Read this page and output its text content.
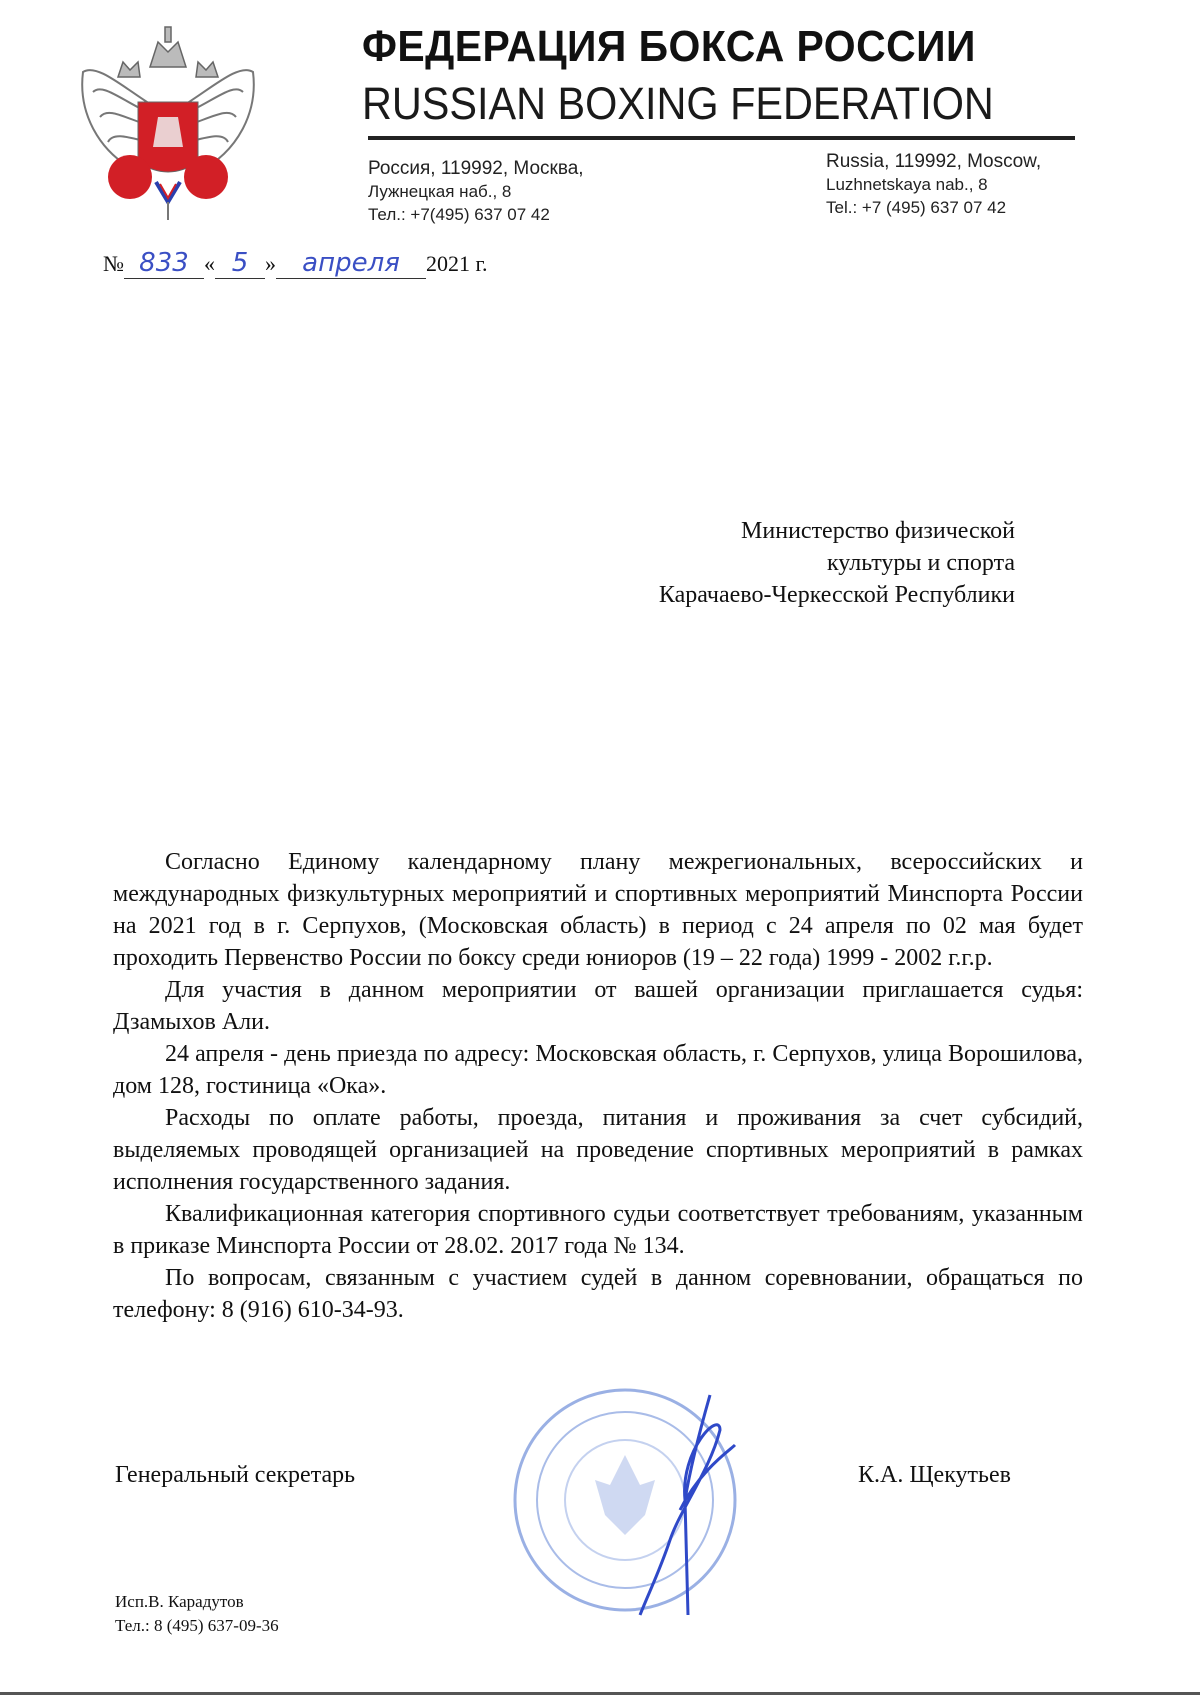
ФЕДЕРАЦИЯ БОКСА РОССИИ
RUSSIAN BOXING FEDERATION
Россия, 119992, Москва,
Лужнецкая наб., 8
Тел.: +7(495) 637 07 42
Russia, 119992, Moscow,
Luzhnetskaya nab., 8
Tel.: +7 (495) 637 07 42
№ 833 « 5 » апреля 2021 г.
Министерство физической
культуры и спорта
Карачаево-Черкесской Республики

Согласно Единому календарному плану межрегиональных, всероссийских и международных физкультурных мероприятий и спортивных мероприятий Минспорта России на 2021 год в г. Серпухов, (Московская область) в период с 24 апреля по 02 мая будет проходить Первенство России по боксу среди юниоров (19 – 22 года) 1999 - 2002 г.г.р.

Для участия в данном мероприятии от вашей организации приглашается судья: Дзамыхов Али.

24 апреля - день приезда по адресу: Московская область, г. Серпухов, улица Ворошилова, дом 128, гостиница «Ока».

Расходы по оплате работы, проезда, питания и проживания за счет субсидий, выделяемых проводящей организацией на проведение спортивных мероприятий в рамках исполнения государственного задания.

Квалификационная категория спортивного судьи соответствует требованиям, указанным в приказе Минспорта России от 28.02. 2017 года № 134.

По вопросам, связанным с участием судей в данном соревновании, обращаться по телефону: 8 (916) 610-34-93.

Генеральный секретарь	К.А. Щекутьев
Исп.В. Карадутов
Тел.: 8 (495) 637-09-36
